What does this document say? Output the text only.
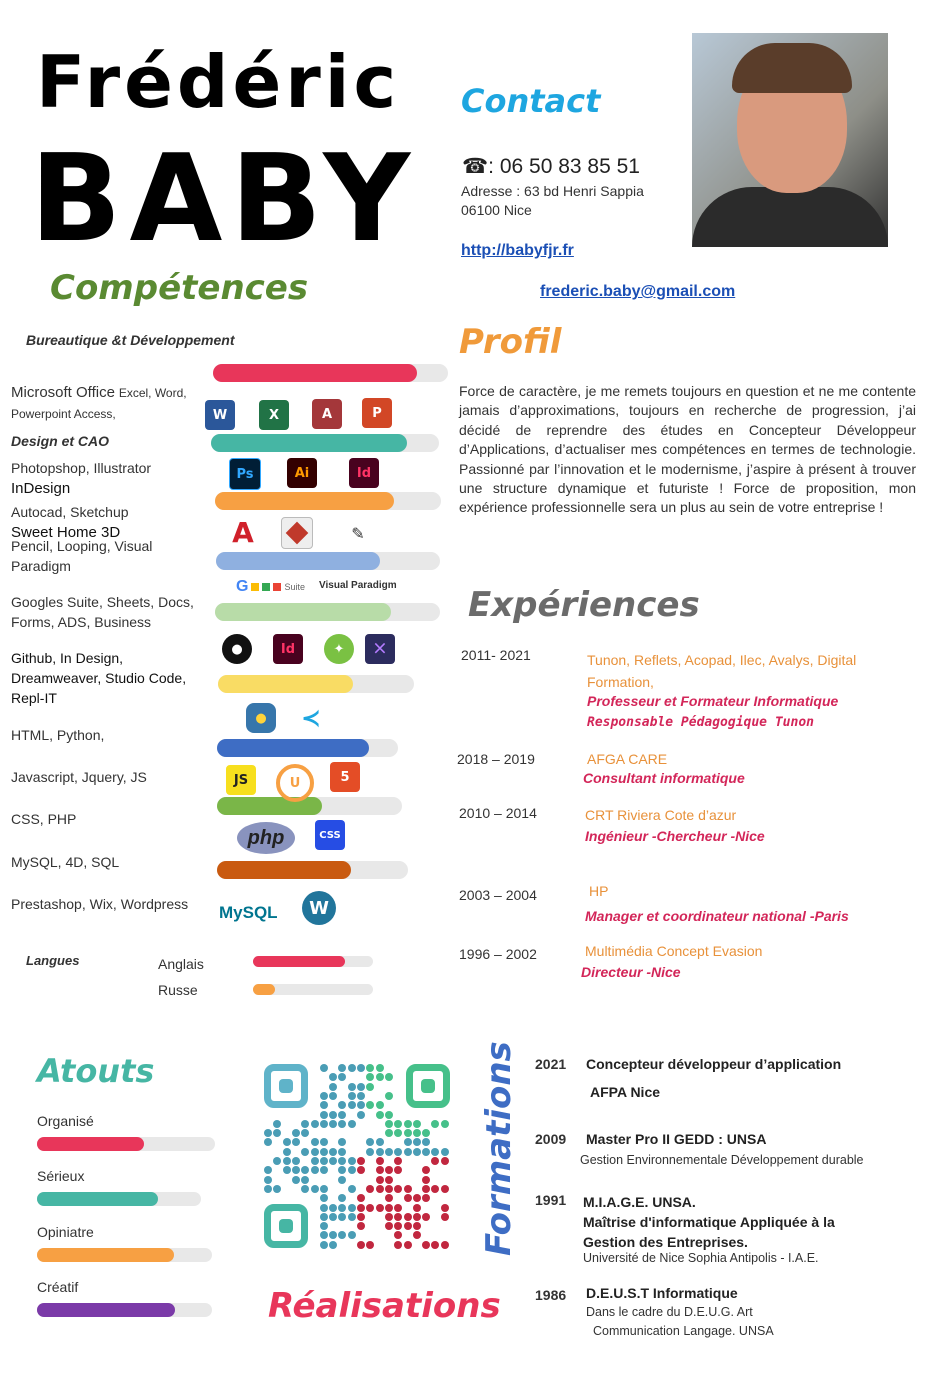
Frédéric
BABY
Contact
☎: 06 50 83 85 51
Adresse : 63 bd Henri Sappia
06100 Nice
http://babyfjr.fr
frederic.baby@gmail.com
Compétences
Bureautique &t Développement
Microsoft Office Excel, Word,
Powerpoint Access,
Design et CAO
Photopshop, Illustrator
InDesign
Autocad, Sketchup
Sweet Home 3D
Pencil, Looping, Visual
Paradigm
Googles Suite, Sheets, Docs,
Forms, ADS, Business
Github, In Design,
Dreamweaver, Studio Code,
Repl-IT
HTML, Python,
Javascript, Jquery, JS
CSS, PHP
MySQL, 4D, SQL
Prestashop, Wix, Wordpress
W	X	A	P
Ps	Ai	Id
A	✎
G	Suite Visual Paradigm
●	Id	✦	⨉
● ≺
JS	U	5
php	CSS
MySQL	W
Langues	Anglais
Russe
Profil
Force de caractère, je me remets toujours en question et ne me contente jamais d’approximations, toujours en recherche de progression, j’ai décidé de reprendre des études en Concepteur Développeur d’Applications, d’actualiser mes compétences en termes de technologie. Passionné par l’innovation et le modernisme, j’aspire à présent à trouver une structure dynamique et futuriste ! Force de proposition, mon expérience professionnelle sera un plus au sein de votre entreprise !
Expériences
2011- 2021	Tunon, Reflets, Acopad, Ilec, Avalys, Digital
Formation,
Professeur et Formateur Informatique
Responsable Pédagogique Tunon
2018 – 2019	AFGA CARE
Consultant informatique
2010 – 2014	CRT Riviera Cote d’azur
Ingénieur -Chercheur -Nice
2003 – 2004	HP
Manager et coordinateur national -Paris
1996 – 2002	Multimédia Concept Evasion
Directeur -Nice
Atouts
Organisé
Sérieux
Opiniatre
Créatif	Réalisations
Formations 2021 Concepteur développeur d’application
AFPA Nice
2009 Master Pro II GEDD : UNSA
Gestion Environnementale Développement durable
1991 M.I.A.G.E. UNSA.
Maîtrise d'informatique Appliquée à la
Gestion des Entreprises.
Université de Nice Sophia Antipolis - I.A.E.
1986 D.E.U.S.T Informatique
Dans le cadre du D.E.U.G. Art
Communication Langage. UNSA
